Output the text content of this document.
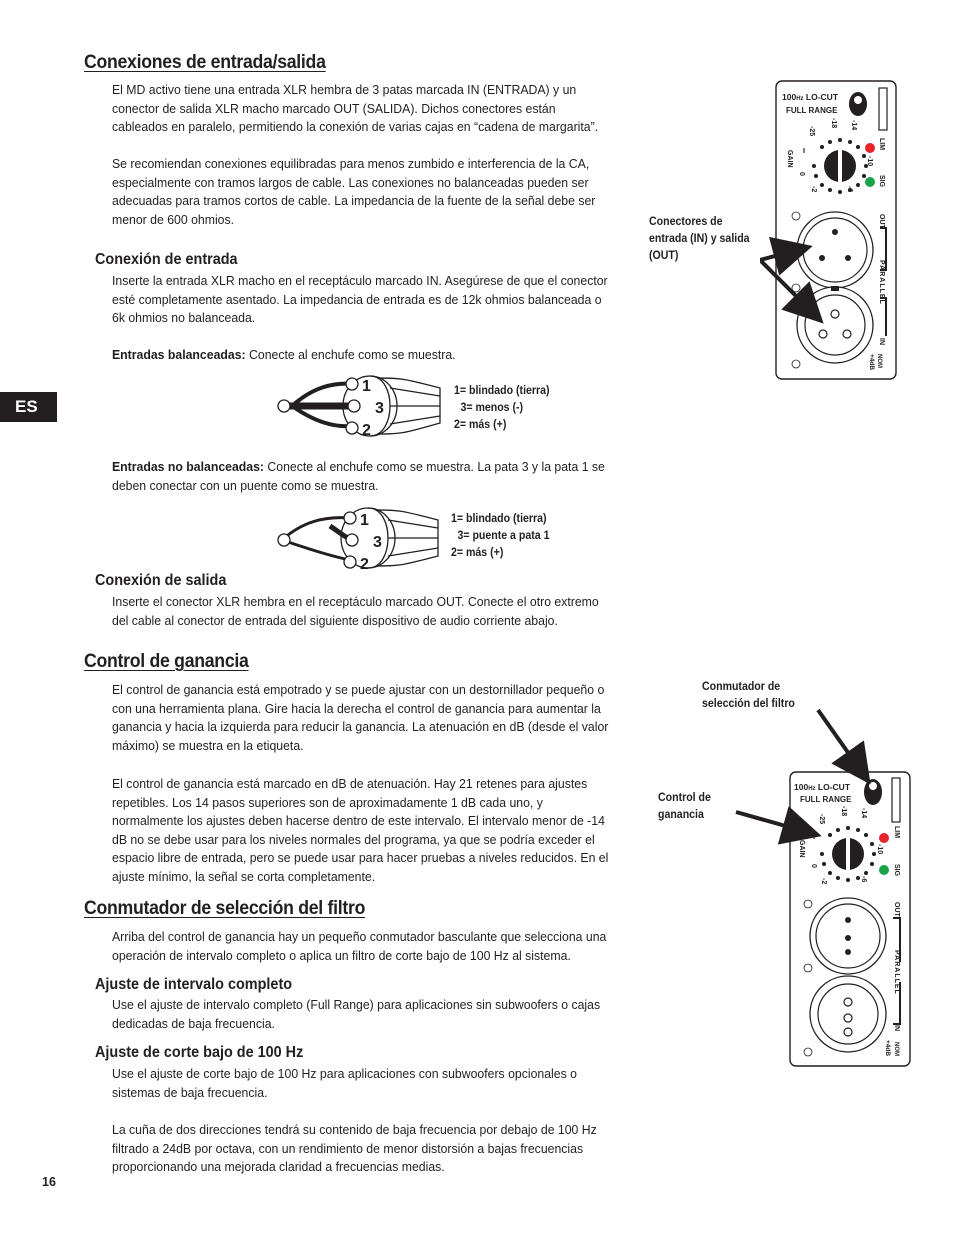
ES
Conexiones de entrada/salida

El MD activo tiene una entrada XLR hembra de 3 patas marcada IN (ENTRADA) y un conector de salida XLR macho marcado OUT (SALIDA). Dichos conectores están cableados en paralelo, permitiendo la conexión de varias cajas en “cadena de margarita”.

Se recomiendan conexiones equilibradas para menos zumbido e interferencia de la CA, especialmente con tramos largos de cable. Las conexiones no balanceadas pueden ser adecuadas para tramos cortos de cable. La impedancia de la fuente de la señal debe ser menor de 600 ohmios.

Conexión de entrada

Inserte la entrada XLR macho en el receptáculo marcado IN. Asegúrese de que el conector esté completamente asentado. La impedancia de entrada es de 12k ohmios balanceada o 6k ohmios no balanceada.

Entradas balanceadas: Conecte al enchufe como se muestra.

1
3
2
1= blindado (tierra)
3= menos (-)
2= más (+)

Entradas no balanceadas: Conecte al enchufe como se muestra. La pata 3 y la pata 1 se deben conectar con un puente como se muestra.

1
3
2
1= blindado (tierra)
3= puente a pata 1
2= más (+)
Conexión de salida

Inserte el conector XLR hembra en el receptáculo marcado OUT. Conecte el otro extremo del cable al conector de entrada del siguiente dispositivo de audio corriente abajo.

Conectores de
entrada (IN) y salida
(OUT)
100Hz LO-CUT
FULL RANGE
∞
-25
-18 -14
-10
-6
-2
0
GAIN
LIM
SIG
OUT
PARALLEL
IN
NOM
+4dB
Control de ganancia

El control de ganancia está empotrado y se puede ajustar con un destornillador pequeño o con una herramienta plana. Gire hacia la derecha el control de ganancia para aumentar la ganancia y hacia la izquierda para reducir la ganancia. La atenuación en dB (desde el valor máximo) se muestra en la etiqueta.

El control de ganancia está marcado en dB de atenuación. Hay 21 retenes para ajustes repetibles. Los 14 pasos superiores son de aproximadamente 1 dB cada uno, y normalmente los ajustes deben hacerse dentro de este intervalo. El intervalo menor de -14 dB no se debe usar para los niveles normales del programa, ya que se podría exceder el espacio libre de entrada, pero se puede usar para hacer pruebas a niveles reducidos. En el ajuste mínimo, la señal se corta completamente.

Conmutador de
selección del filtro
Control de
ganancia
100Hz LO-CUT
FULL RANGE
∞
-25
-18 -14
-10
-6
-2
0
GAIN
LIM
SIG
OUT
PARALLEL
IN
NOM
+4dB
Conmutador de selección del filtro

Arriba del control de ganancia hay un pequeño conmutador basculante que selecciona una operación de intervalo completo o aplica un filtro de corte bajo de 100 Hz al sistema.

Ajuste de intervalo completo

Use el ajuste de intervalo completo (Full Range) para aplicaciones sin subwoofers o cajas dedicadas de baja frecuencia.

Ajuste de corte bajo de 100 Hz

Use el ajuste de corte bajo de 100 Hz para aplicaciones con subwoofers opcionales o sistemas de baja frecuencia.

La cuña de dos direcciones tendrá su contenido de baja frecuencia por debajo de 100 Hz filtrado a 24dB por octava, con un rendimiento de menor distorsión a bajas frecuencias proporcionando una mejorada claridad a frecuencias medias.

16
